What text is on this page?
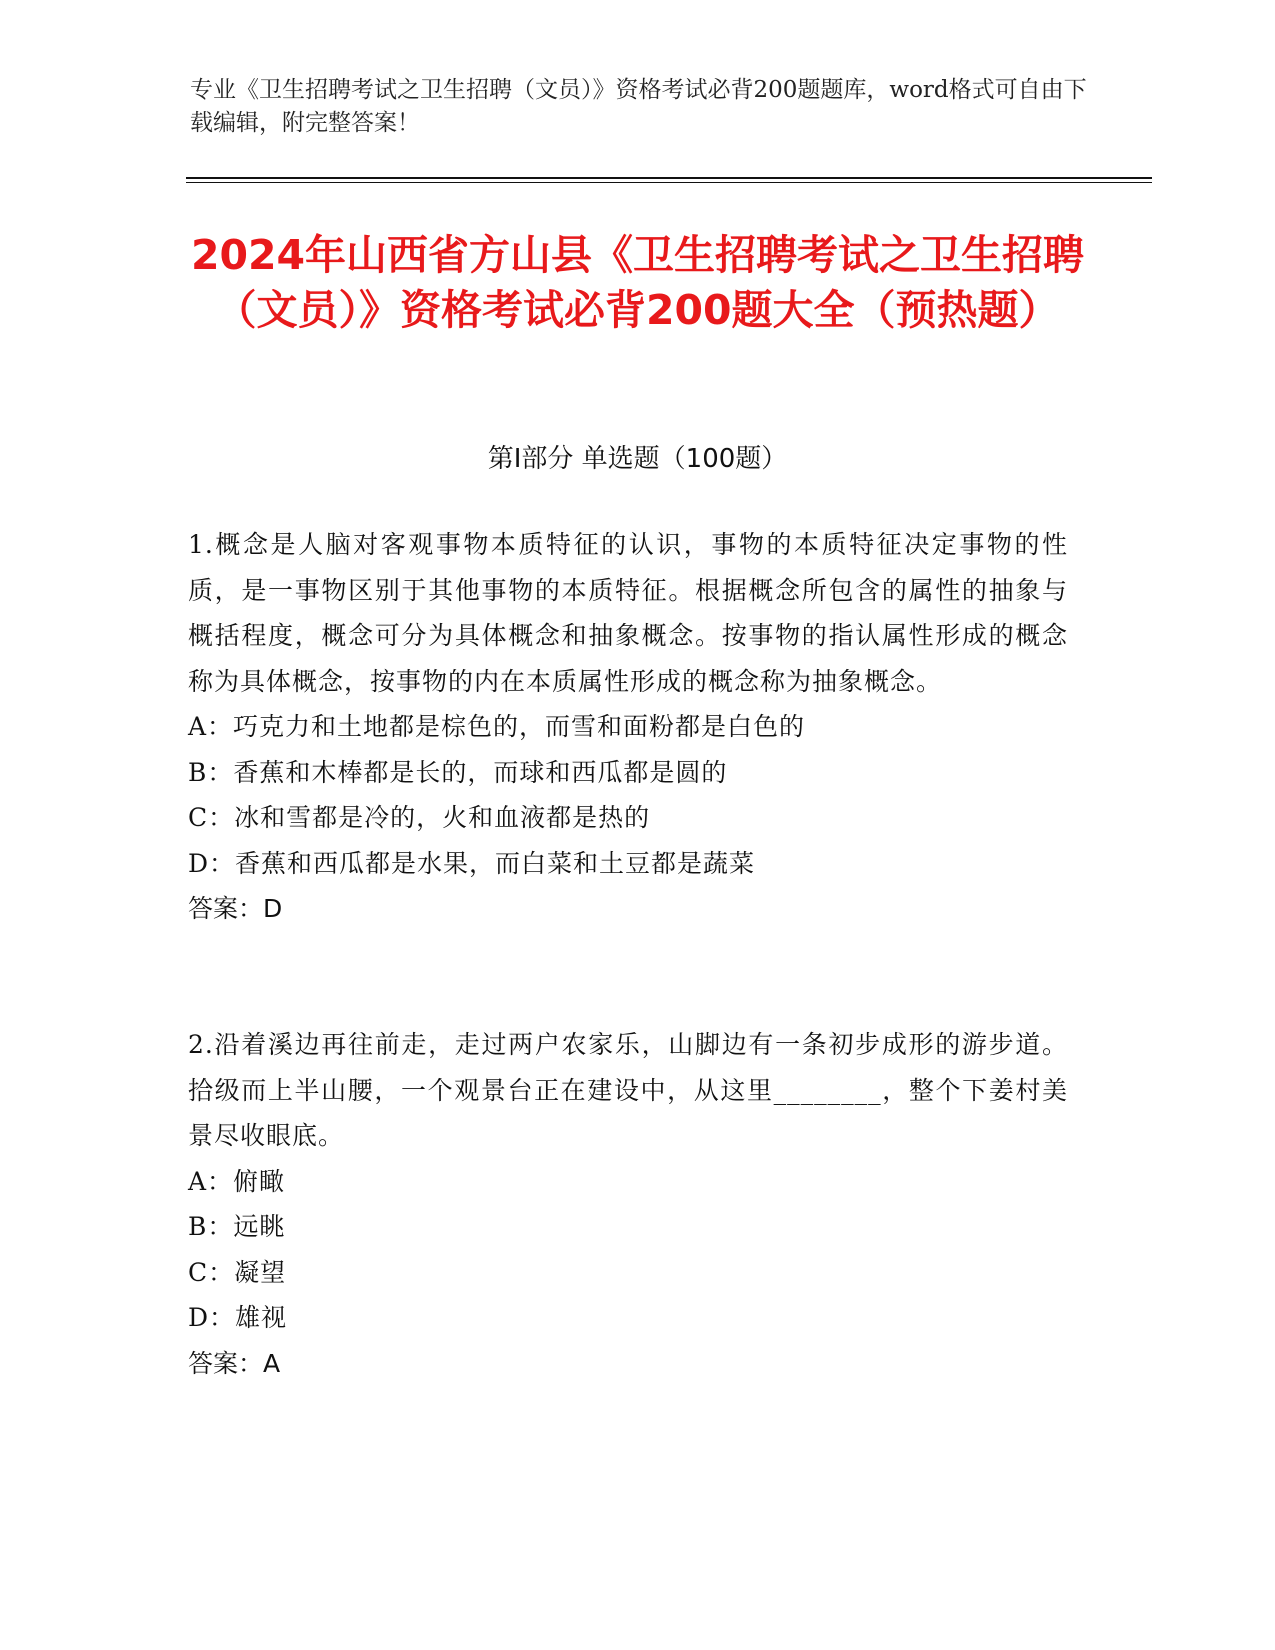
专业《卫生招聘考试之卫生招聘（文员）》资格考试必背200题题库，word格式可自由下载编辑，附完整答案！
2024年山西省方山县《卫生招聘考试之卫生招聘（文员）》资格考试必背200题大全（预热题）
第I部分 单选题（100题）

1.概念是人脑对客观事物本质特征的认识，事物的本质特征决定事物的性质，是一事物区别于其他事物的本质特征。根据概念所包含的属性的抽象与概括程度，概念可分为具体概念和抽象概念。按事物的指认属性形成的概念称为具体概念，按事物的内在本质属性形成的概念称为抽象概念。

A：巧克力和土地都是棕色的，而雪和面粉都是白色的

B：香蕉和木棒都是长的，而球和西瓜都是圆的

C：冰和雪都是冷的，火和血液都是热的

D：香蕉和西瓜都是水果，而白菜和土豆都是蔬菜

答案：D

2.沿着溪边再往前走，走过两户农家乐，山脚边有一条初步成形的游步道。拾级而上半山腰，一个观景台正在建设中，从这里________，整个下姜村美景尽收眼底。

A：俯瞰

B：远眺

C：凝望

D：雄视

答案：A
